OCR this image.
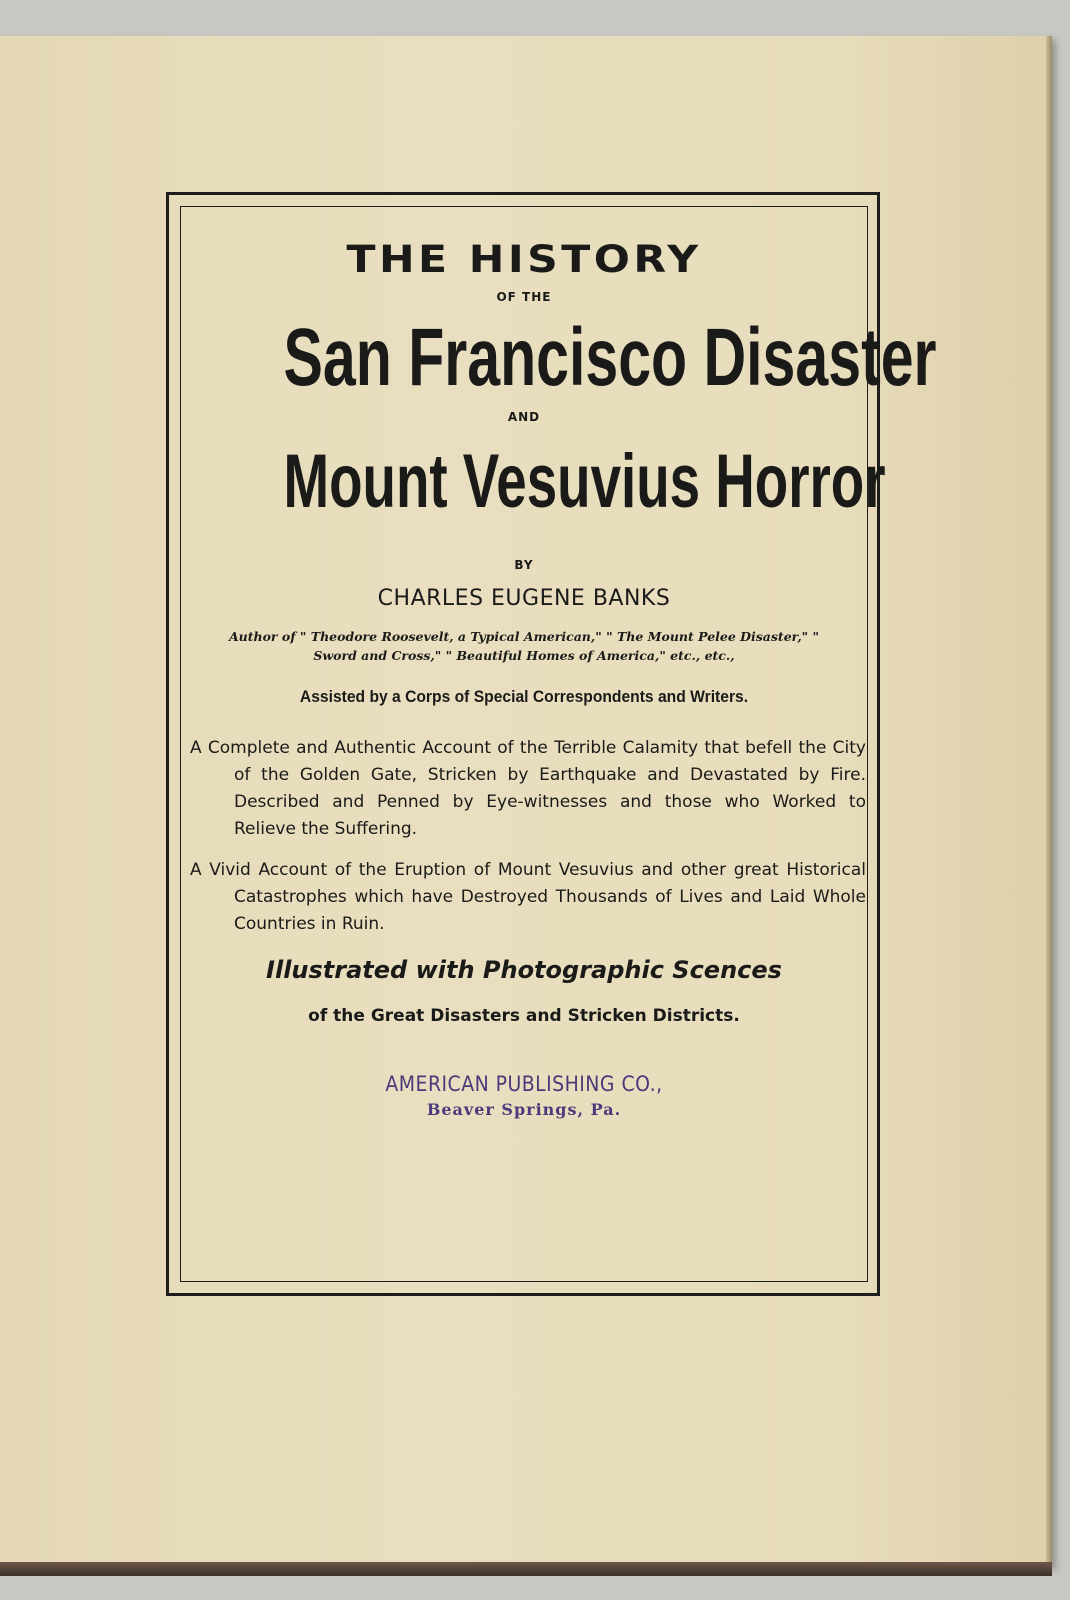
THE HISTORY
OF THE
San Francisco Disaster
AND
Mount Vesuvius Horror
BY
CHARLES EUGENE BANKS
Author of " Theodore Roosevelt, a Typical American," " The Mount Pelee Disaster," " Sword and Cross," " Beautiful Homes of America," etc., etc.,
Assisted by a Corps of Special Correspondents and Writers.
A Complete and Authentic Account of the Terrible Calamity that befell the City of the Golden Gate, Stricken by Earthquake and Devastated by Fire. Described and Penned by Eye-witnesses and those who Worked to Relieve the Suffering.
A Vivid Account of the Eruption of Mount Vesuvius and other great Historical Catastrophes which have Destroyed Thousands of Lives and Laid Whole Countries in Ruin.
Illustrated with Photographic Scences
of the Great Disasters and Stricken Districts.
AMERICAN PUBLISHING CO.,
Beaver Springs, Pa.
